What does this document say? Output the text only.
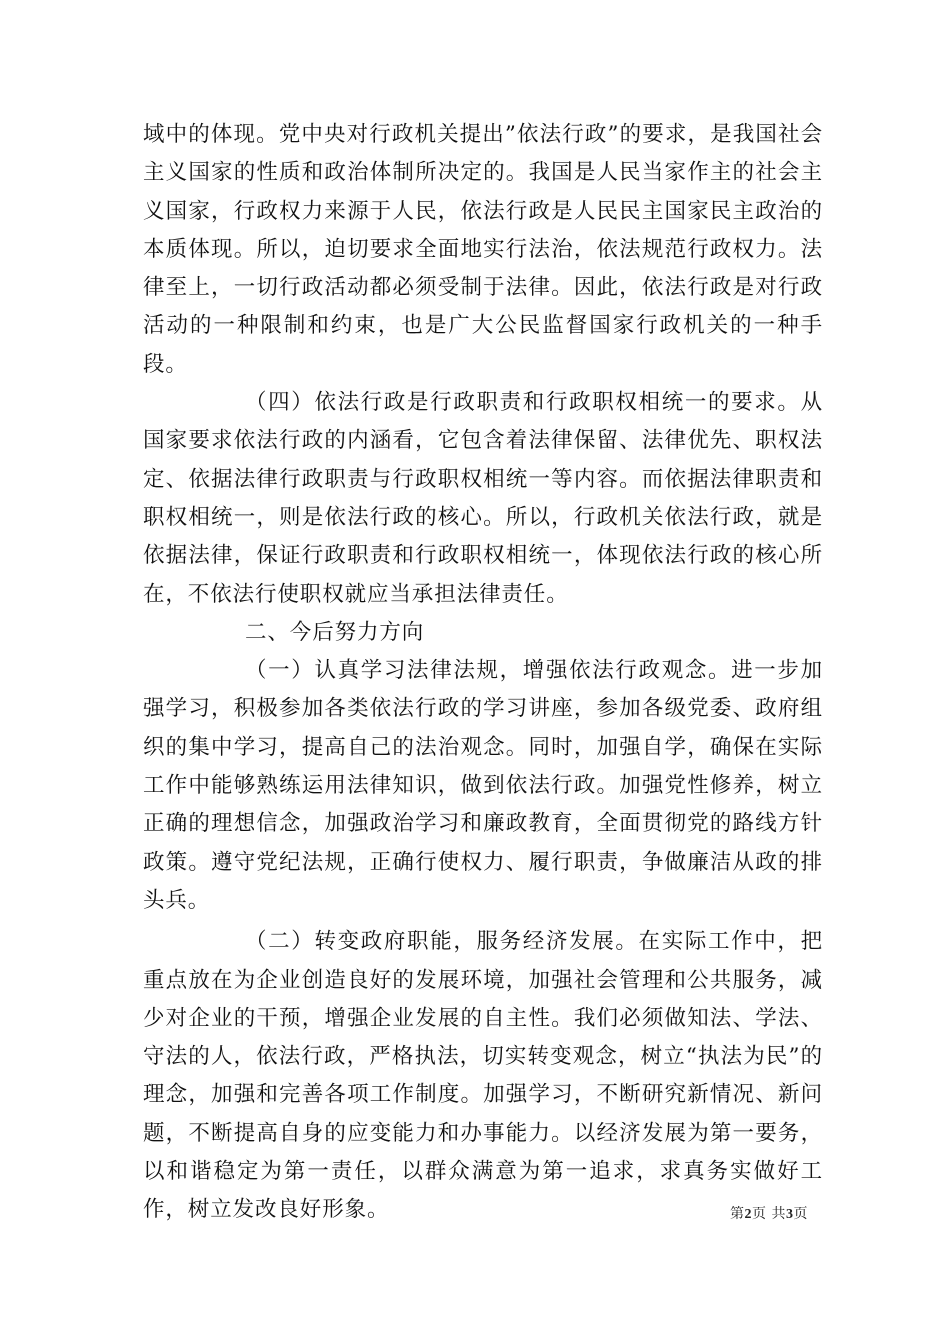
域中的体现。党中央对行政机关提出”依法行政”的要求，是我国社会主义国家的性质和政治体制所决定的。我国是人民当家作主的社会主义国家，行政权力来源于人民，依法行政是人民民主国家民主政治的本质体现。所以，迫切要求全面地实行法治，依法规范行政权力。法律至上，一切行政活动都必须受制于法律。因此，依法行政是对行政活动的一种限制和约束，也是广大公民监督国家行政机关的一种手段。

（四）依法行政是行政职责和行政职权相统一的要求。从国家要求依法行政的内涵看，它包含着法律保留、法律优先、职权法定、依据法律行政职责与行政职权相统一等内容。而依据法律职责和职权相统一，则是依法行政的核心。所以，行政机关依法行政，就是依据法律，保证行政职责和行政职权相统一，体现依法行政的核心所在，不依法行使职权就应当承担法律责任。

二、今后努力方向

（一）认真学习法律法规，增强依法行政观念。进一步加强学习，积极参加各类依法行政的学习讲座，参加各级党委、政府组织的集中学习，提高自己的法治观念。同时，加强自学，确保在实际工作中能够熟练运用法律知识，做到依法行政。加强党性修养，树立正确的理想信念，加强政治学习和廉政教育，全面贯彻党的路线方针政策。遵守党纪法规，正确行使权力、履行职责，争做廉洁从政的排头兵。

（二）转变政府职能，服务经济发展。在实际工作中，把重点放在为企业创造良好的发展环境，加强社会管理和公共服务，减少对企业的干预，增强企业发展的自主性。我们必须做知法、学法、守法的人，依法行政，严格执法，切实转变观念，树立“执法为民”的理念，加强和完善各项工作制度。加强学习，不断研究新情况、新问题，不断提高自身的应变能力和办事能力。以经济发展为第一要务，以和谐稳定为第一责任，以群众满意为第一追求，求真务实做好工作，树立发改良好形象。	第2页 共3页
